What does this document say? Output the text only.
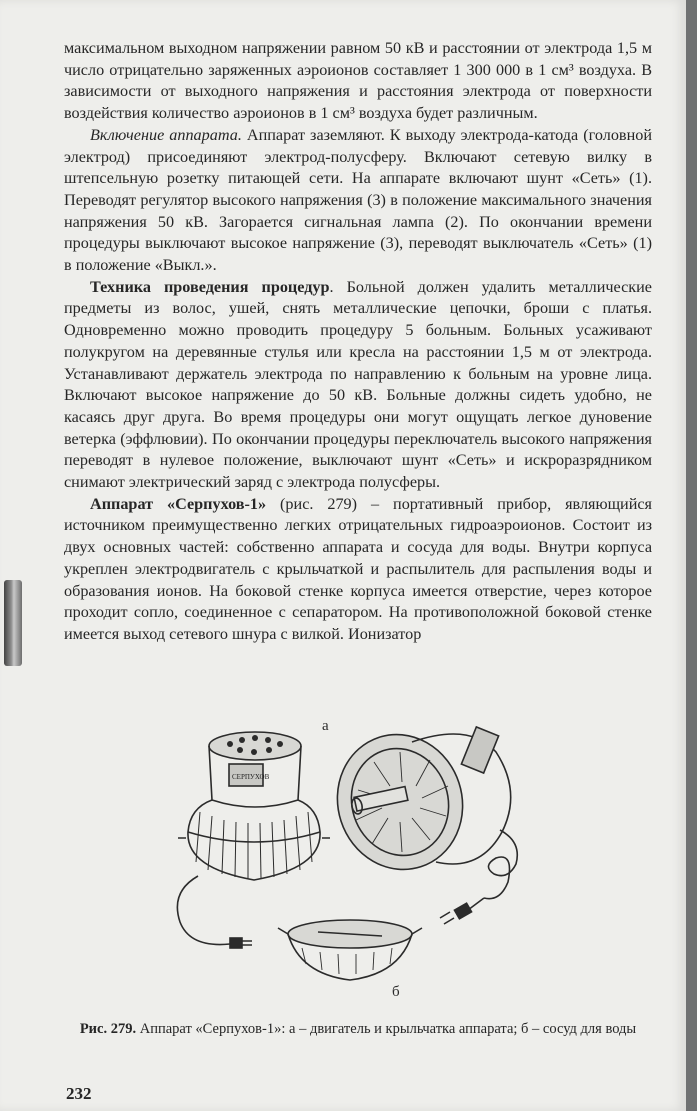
максимальном выходном напряжении равном 50 кВ и расстоянии от электрода 1,5 м число отрицательно заряженных аэроионов составляет 1 300 000 в 1 см³ воздуха. В зависимости от выходного напряжения и расстояния электрода от поверхности воздействия количество аэроионов в 1 см³ воздуха будет различным.

Включение аппарата. Аппарат заземляют. К выходу электрода-катода (головной электрод) присоединяют электрод-полусферу. Включают сетевую вилку в штепсельную розетку питающей сети. На аппарате включают шунт «Сеть» (1). Переводят регулятор высокого напряжения (3) в положение максимального значения напряжения 50 кВ. Загорается сигнальная лампа (2). По окончании времени процедуры выключают высокое напряжение (3), переводят выключатель «Сеть» (1) в положение «Выкл.».

Техника проведения процедур. Больной должен удалить металлические предметы из волос, ушей, снять металлические цепочки, броши с платья. Одновременно можно проводить процедуру 5 больным. Больных усаживают полукругом на деревянные стулья или кресла на расстоянии 1,5 м от электрода. Устанавливают держатель электрода по направлению к больным на уровне лица. Включают высокое напряжение до 50 кВ. Больные должны сидеть удобно, не касаясь друг друга. Во время процедуры они могут ощущать легкое дуновение ветерка (эффлювии). По окончании процедуры переключатель высокого напряжения переводят в нулевое положение, выключают шунт «Сеть» и искроразрядником снимают электрический заряд с электрода полусферы.

Аппарат «Серпухов-1» (рис. 279) – портативный прибор, являющийся источником преимущественно легких отрицательных гидроаэроионов. Состоит из двух основных частей: собственно аппарата и сосуда для воды. Внутри корпуса укреплен электродвигатель с крыльчаткой и распылитель для распыления воды и образования ионов. На боковой стенке корпуса имеется отверстие, через которое проходит сопло, соединенное с сепаратором. На противоположной боковой стенке имеется выход сетевого шнура с вилкой. Ионизатор

а
б
СЕРПУХОВ
Рис. 279. Аппарат «Серпухов-1»: а – двигатель и крыльчатка аппарата; б – сосуд для воды
232
